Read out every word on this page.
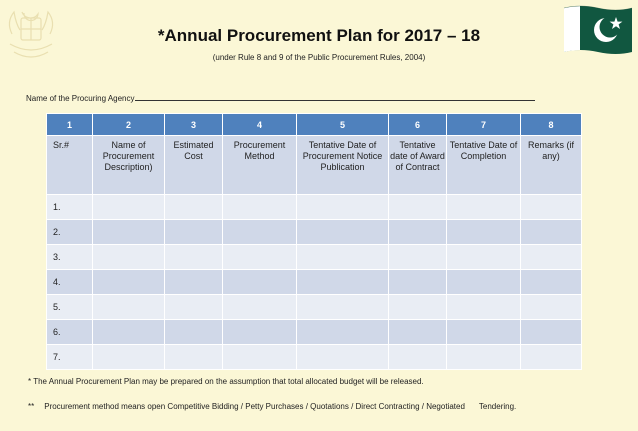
*Annual Procurement Plan for 2017 – 18
(under Rule 8 and 9 of the Public Procurement Rules, 2004)
Name of the Procuring Agency
1	2	3	4	5	6	7	8
Sr.#	Name of Procurement Description)	Estimated Cost	Procurement Method	Tentative Date of Procurement Notice Publication	Tentative date of Award of Contract	Tentative Date of Completion	Remarks (if any)
1.							
2.							
3.							
4.							
5.							
6.							
7.							
* The Annual Procurement Plan may be prepared on the assumption that total allocated budget will be released.
** Procurement method means open Competitive Bidding / Petty Purchases / Quotations / Direct Contracting / Negotiated Tendering.
